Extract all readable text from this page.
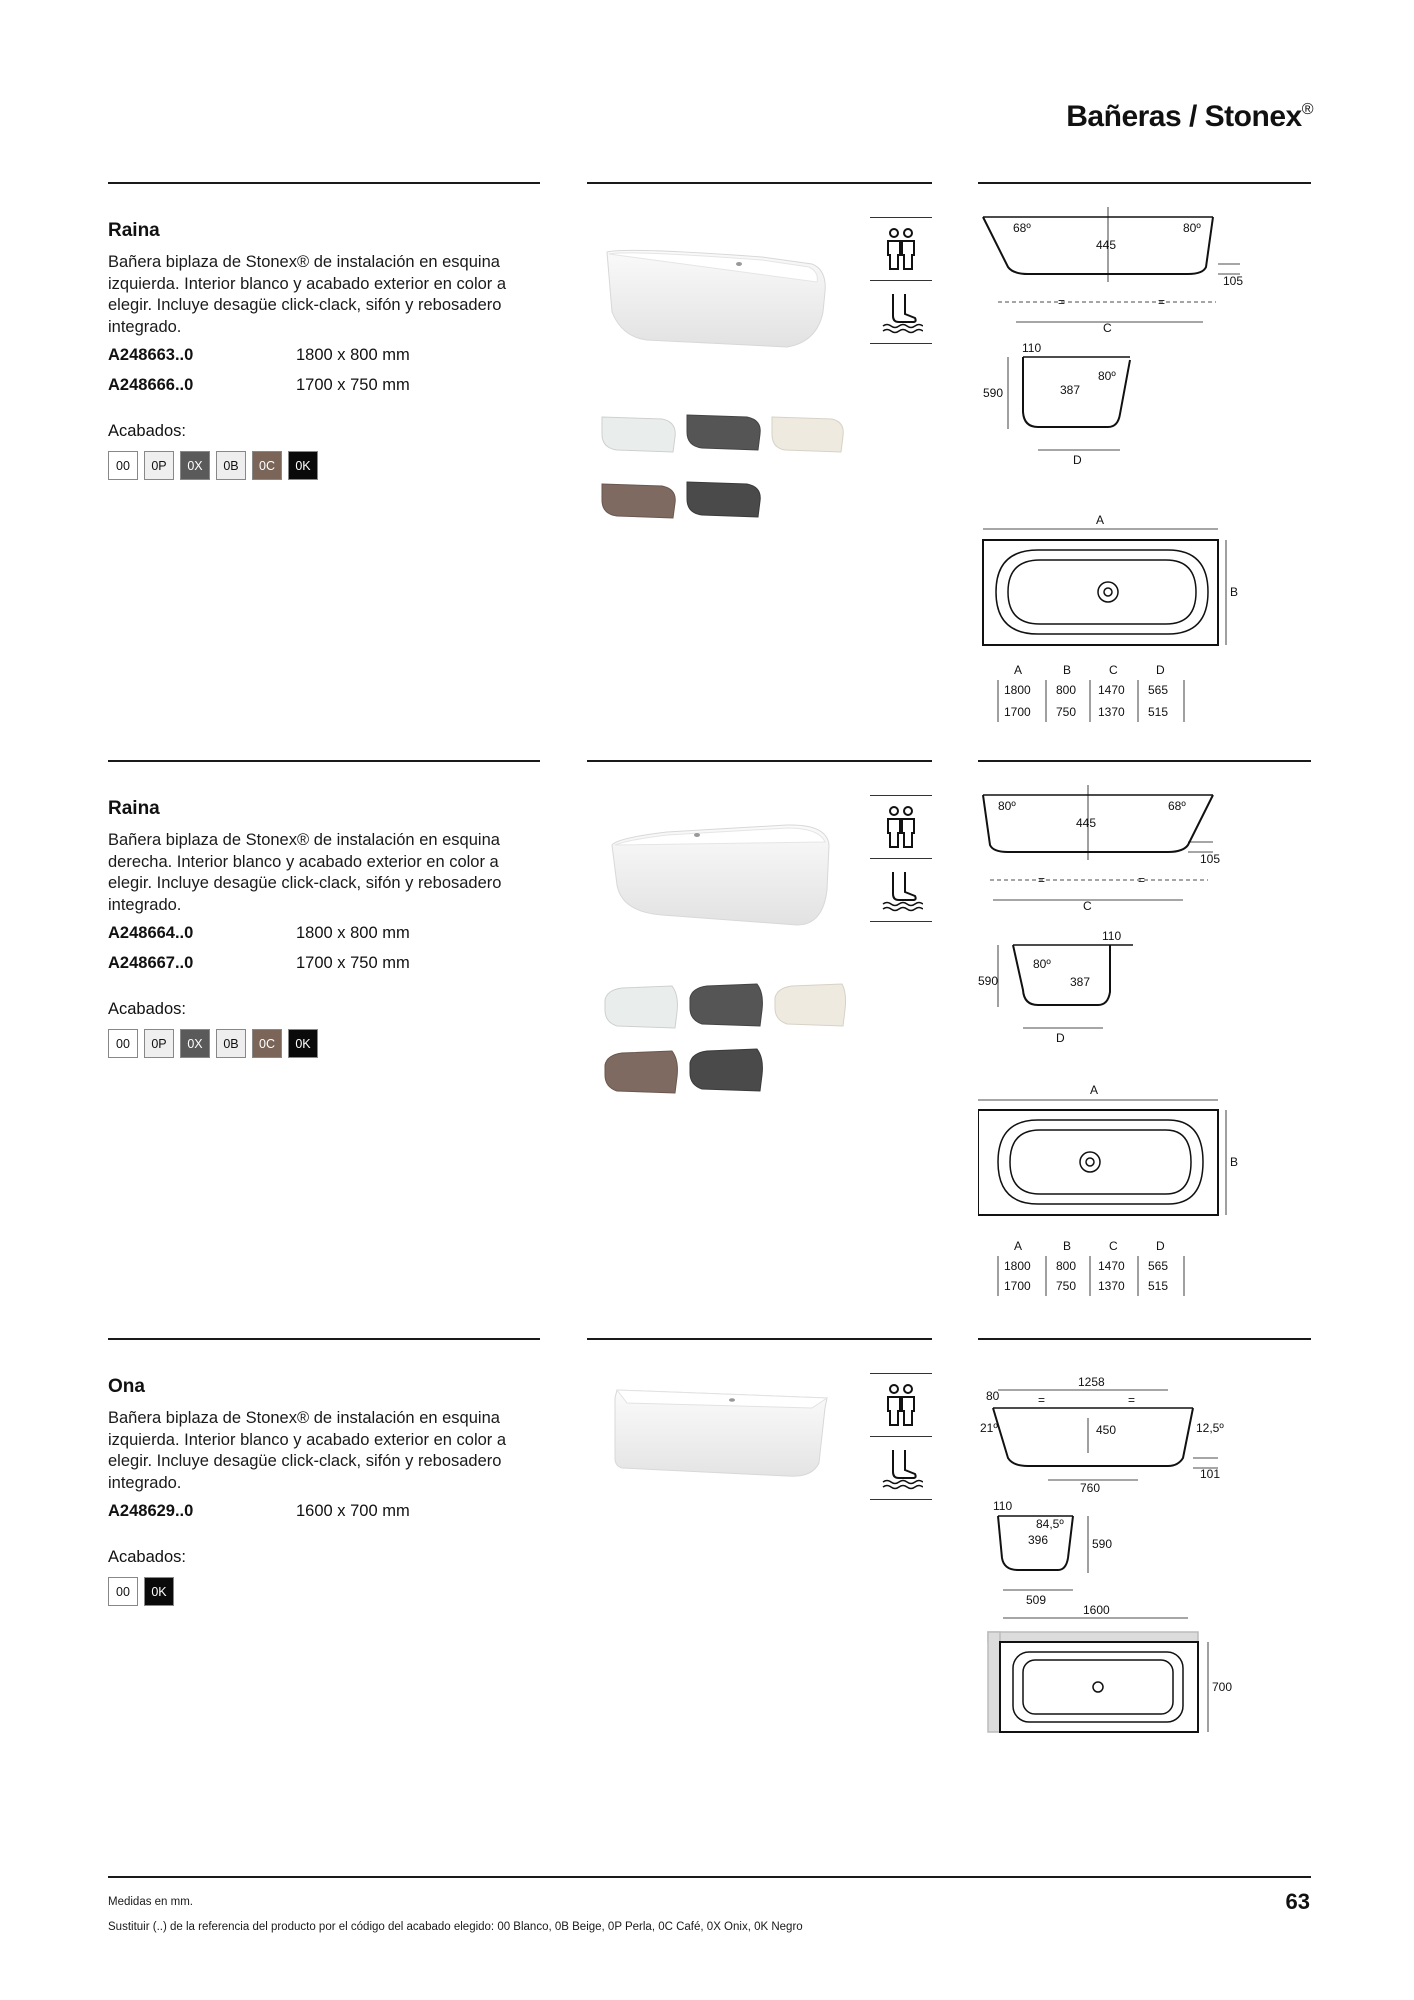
Bañeras / Stonex®
Raina
Bañera biplaza de Stonex® de instalación en esquina izquierda. Interior blanco y acabado exterior en color a elegir. Incluye desagüe click-clack, sifón y rebosadero integrado.
A248663..0	1800 x 800 mm
A248666..0	1700 x 750 mm
Acabados:
00	0P	0X	0B	0C	0K
68º	80º
445
105
=	=
C
110
590	387
80º
D
A
B
A	B	C	D
1800 800 1470 565
1700 750 1370 515
Raina
Bañera biplaza de Stonex® de instalación en esquina derecha. Interior blanco y acabado exterior en color a elegir. Incluye desagüe click-clack, sifón y rebosadero integrado.
A248664..0	1800 x 800 mm
A248667..0	1700 x 750 mm
Acabados:
00	0P	0X	0B	0C	0K
80º	68º
445
105
=	=
C
110
590	387
80º
D
A
B
A	B	C	D
1800 800 1470 565
1700 750 1370 515
Ona
Bañera biplaza de Stonex® de instalación en esquina izquierda. Interior blanco y acabado exterior en color a elegir. Incluye desagüe click-clack, sifón y rebosadero integrado.
A248629..0	1600 x 700 mm
Acabados:
00	0K
1258
80	=	=
21º	12,5º
450
101
760
110
84,5º
396	590
509
1600
700
Medidas en mm.
Sustituir (..) de la referencia del producto por el código del acabado elegido: 00 Blanco, 0B Beige, 0P Perla, 0C Café, 0X Onix, 0K Negro
63
